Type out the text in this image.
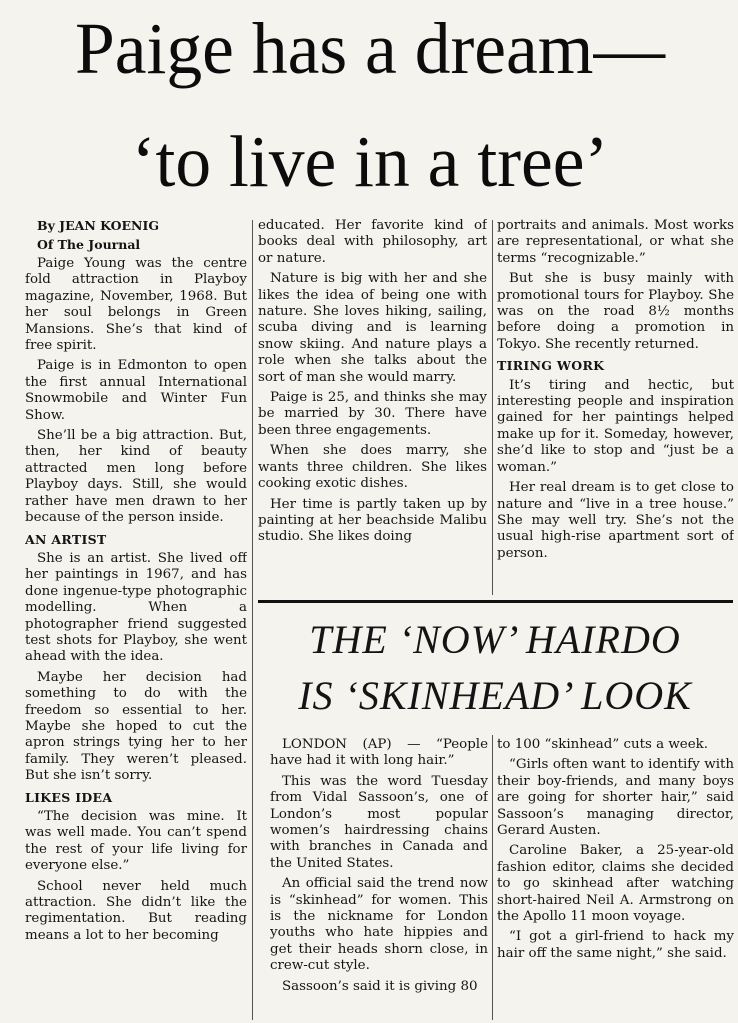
Paige has a dream—
‘to live in a tree’

By JEAN KOENIG

Of The Journal

Paige Young was the centre fold attraction in Playboy magazine, November, 1968. But her soul belongs in Green Mansions. She’s that kind of free spirit.

Paige is in Edmonton to open the first annual International Snowmobile and Winter Fun Show.

She’ll be a big attraction. But, then, her kind of beauty attracted men long before Playboy days. Still, she would rather have men drawn to her because of the person inside.

AN ARTIST

She is an artist. She lived off her paintings in 1967, and has done ingenue-type photographic modelling. When a photographer friend suggested test shots for Playboy, she went ahead with the idea.

Maybe her decision had something to do with the freedom so essential to her. Maybe she hoped to cut the apron strings tying her to her family. They weren’t pleased. But she isn’t sorry.

LIKES IDEA

“The decision was mine. It was well made. You can’t spend the rest of your life living for everyone else.”

School never held much attraction. She didn’t like the regimentation. But reading means a lot to her becoming

educated. Her favorite kind of books deal with philosophy, art or nature.

Nature is big with her and she likes the idea of being one with nature. She loves hiking, sailing, scuba diving and is learning snow skiing. And nature plays a role when she talks about the sort of man she would marry.

Paige is 25, and thinks she may be married by 30. There have been three engagements.

When she does marry, she wants three children. She likes cooking exotic dishes.

Her time is partly taken up by painting at her beachside Malibu studio. She likes doing

portraits and animals. Most works are representational, or what she terms “recognizable.”

But she is busy mainly with promotional tours for Playboy. She was on the road 8½ months before doing a promotion in Tokyo. She recently returned.

TIRING WORK

It’s tiring and hectic, but interesting people and inspiration gained for her paintings helped make up for it. Someday, however, she’d like to stop and “just be a woman.”

Her real dream is to get close to nature and “live in a tree house.” She may well try. She’s not the usual high-rise apartment sort of person.

THE ‘NOW’ HAIRDO
IS ‘SKINHEAD’ LOOK

LONDON (AP) — “People have had it with long hair.”

This was the word Tuesday from Vidal Sassoon’s, one of London’s most popular women’s hairdressing chains with branches in Canada and the United States.

An official said the trend now is “skinhead” for women. This is the nickname for London youths who hate hippies and get their heads shorn close, in crew-cut style.

Sassoon’s said it is giving 80

to 100 “skinhead” cuts a week.

“Girls often want to identify with their boy-friends, and many boys are going for shorter hair,” said Sassoon’s managing director, Gerard Austen.

Caroline Baker, a 25-year-old fashion editor, claims she decided to go skinhead after watching short-haired Neil A. Armstrong on the Apollo 11 moon voyage.

“I got a girl-friend to hack my hair off the same night,” she said.
